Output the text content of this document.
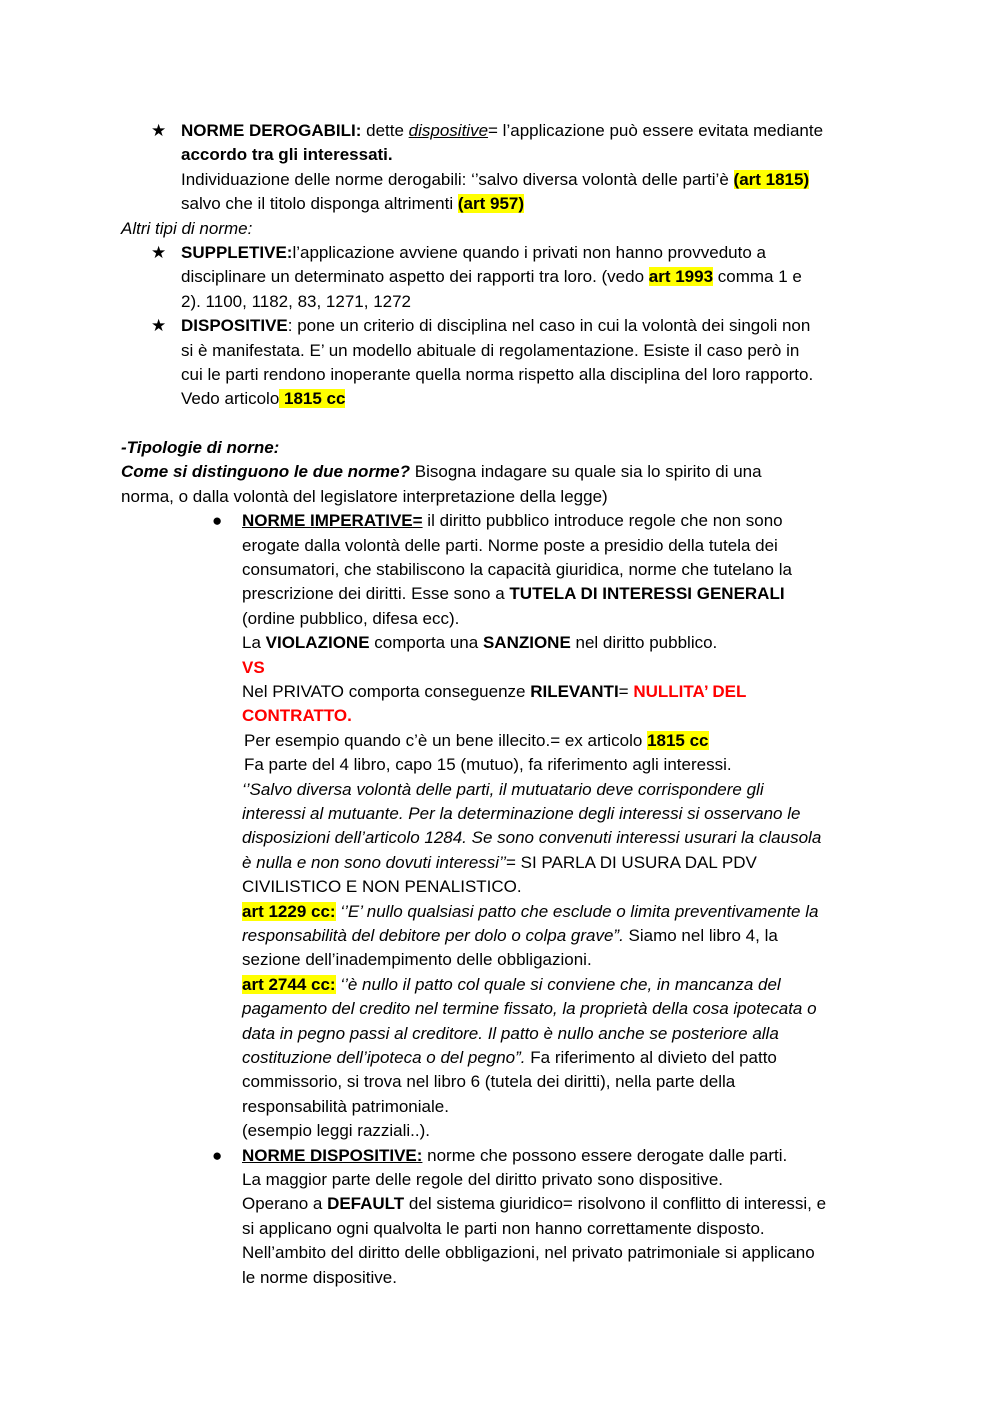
★ NORME DEROGABILI: dette dispositive= l’applicazione può essere evitata mediante

accordo tra gli interessati.

Individuazione delle norme derogabili: ‘’salvo diversa volontà delle parti’è (art 1815)

salvo che il titolo disponga altrimenti (art 957)

Altri tipi di norme:

★ SUPPLETIVE:l’applicazione avviene quando i privati non hanno provveduto a

disciplinare un determinato aspetto dei rapporti tra loro. (vedo art 1993 comma 1 e

2). 1100, 1182, 83, 1271, 1272

★ DISPOSITIVE: pone un criterio di disciplina nel caso in cui la volontà dei singoli non

si è manifestata. E’ un modello abituale di regolamentazione. Esiste il caso però in

cui le parti rendono inoperante quella norma rispetto alla disciplina del loro rapporto.

Vedo articolo 1815 cc

-Tipologie di norne:

Come si distinguono le due norme? Bisogna indagare su quale sia lo spirito di una

norma, o dalla volontà del legislatore interpretazione della legge)

● NORME IMPERATIVE= il diritto pubblico introduce regole che non sono

erogate dalla volontà delle parti. Norme poste a presidio della tutela dei

consumatori, che stabiliscono la capacità giuridica, norme che tutelano la

prescrizione dei diritti. Esse sono a TUTELA DI INTERESSI GENERALI

(ordine pubblico, difesa ecc).

La VIOLAZIONE comporta una SANZIONE nel diritto pubblico.

VS

Nel PRIVATO comporta conseguenze RILEVANTI= NULLITA’ DEL

CONTRATTO.

Per esempio quando c’è un bene illecito.= ex articolo 1815 cc

Fa parte del 4 libro, capo 15 (mutuo), fa riferimento agli interessi.

‘’Salvo diversa volontà delle parti, il mutuatario deve corrispondere gli

interessi al mutuante. Per la determinazione degli interessi si osservano le

disposizioni dell’articolo 1284. Se sono convenuti interessi usurari la clausola

è nulla e non sono dovuti interessi’’= SI PARLA DI USURA DAL PDV

CIVILISTICO E NON PENALISTICO.

art 1229 cc: ‘’E’ nullo qualsiasi patto che esclude o limita preventivamente la

responsabilità del debitore per dolo o colpa grave”. Siamo nel libro 4, la

sezione dell’inadempimento delle obbligazioni.

art 2744 cc: ‘’è nullo il patto col quale si conviene che, in mancanza del

pagamento del credito nel termine fissato, la proprietà della cosa ipotecata o

data in pegno passi al creditore. Il patto è nullo anche se posteriore alla

costituzione dell’ipoteca o del pegno”. Fa riferimento al divieto del patto

commissorio, si trova nel libro 6 (tutela dei diritti), nella parte della

responsabilità patrimoniale.

(esempio leggi razziali..).

● NORME DISPOSITIVE: norme che possono essere derogate dalle parti.

La maggior parte delle regole del diritto privato sono dispositive.

Operano a DEFAULT del sistema giuridico= risolvono il conflitto di interessi, e

si applicano ogni qualvolta le parti non hanno correttamente disposto.

Nell’ambito del diritto delle obbligazioni, nel privato patrimoniale si applicano

le norme dispositive.
